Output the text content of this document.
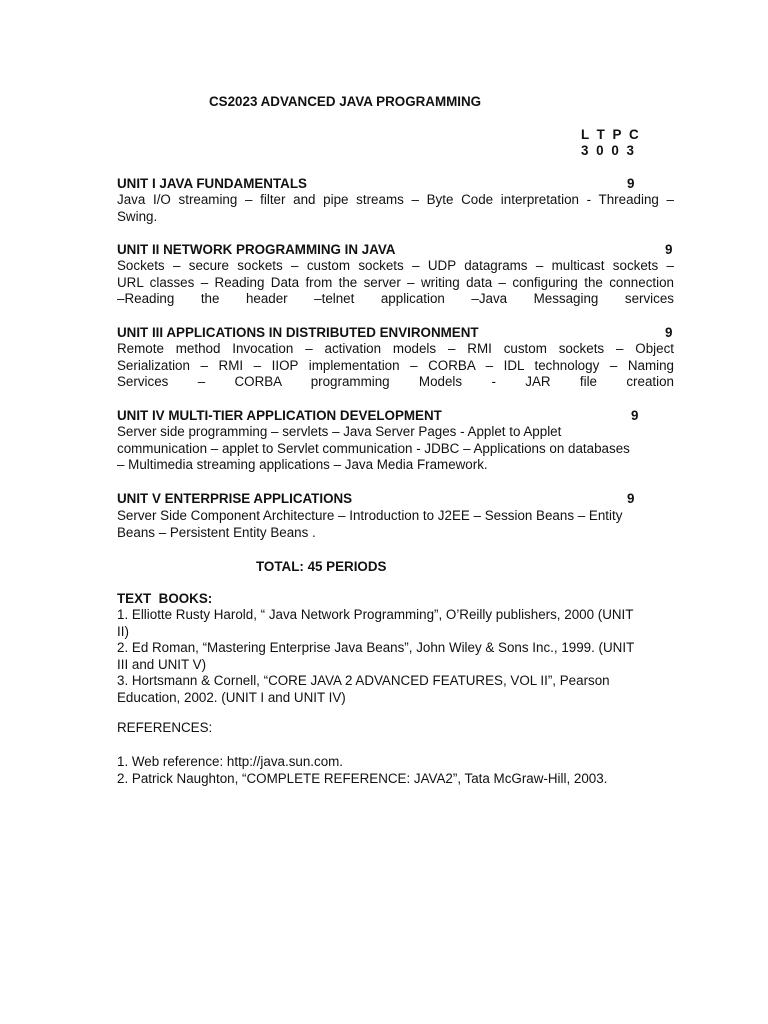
CS2023 ADVANCED JAVA PROGRAMMING
L T P C
3 0 0 3
UNIT I JAVA FUNDAMENTALS	9
Java I/O streaming – filter and pipe streams – Byte Code interpretation - Threading –
Swing.
UNIT II NETWORK PROGRAMMING IN JAVA	9
Sockets – secure sockets – custom sockets – UDP datagrams – multicast sockets –
URL classes – Reading Data from the server – writing data – configuring the connection
–Reading the header –telnet application –Java Messaging services
UNIT III APPLICATIONS IN DISTRIBUTED ENVIRONMENT	9
Remote method Invocation – activation models – RMI custom sockets – Object
Serialization – RMI – IIOP implementation – CORBA – IDL technology – Naming
Services – CORBA programming Models - JAR file creation
UNIT IV MULTI-TIER APPLICATION DEVELOPMENT	9
Server side programming – servlets – Java Server Pages - Applet to Applet
communication – applet to Servlet communication - JDBC – Applications on databases
– Multimedia streaming applications – Java Media Framework.
UNIT V ENTERPRISE APPLICATIONS	9
Server Side Component Architecture – Introduction to J2EE – Session Beans – Entity
Beans – Persistent Entity Beans .
TOTAL: 45 PERIODS
TEXT  BOOKS:
1. Elliotte Rusty Harold, “ Java Network Programming”, O’Reilly publishers, 2000 (UNIT
II)
2. Ed Roman, “Mastering Enterprise Java Beans”, John Wiley & Sons Inc., 1999. (UNIT
III and UNIT V)
3. Hortsmann & Cornell, “CORE JAVA 2 ADVANCED FEATURES, VOL II”, Pearson
Education, 2002. (UNIT I and UNIT IV)
REFERENCES:
1. Web reference: http://java.sun.com.
2. Patrick Naughton, “COMPLETE REFERENCE: JAVA2”, Tata McGraw-Hill, 2003.
